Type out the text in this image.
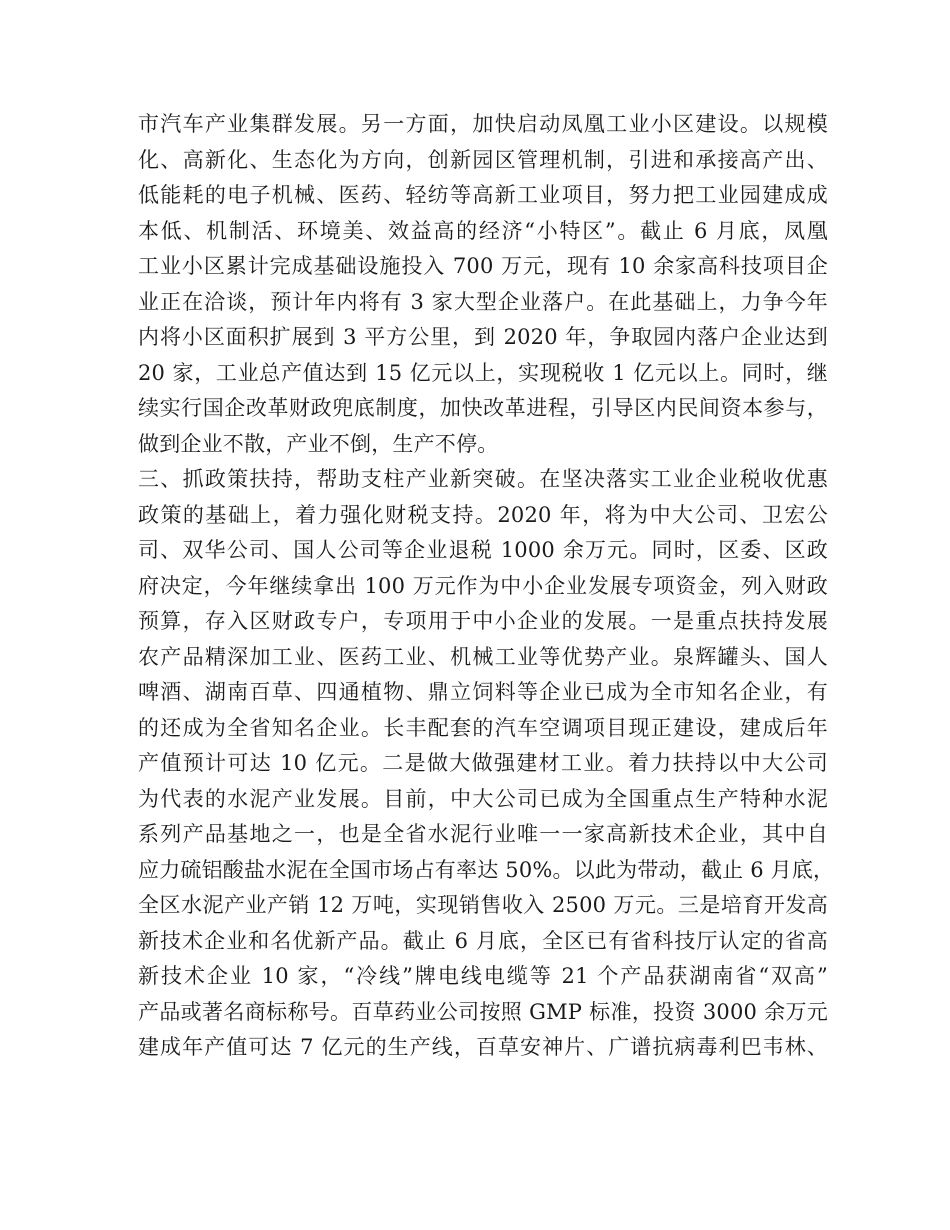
市汽车产业集群发展。另一方面，加快启动凤凰工业小区建设。以规模
化、高新化、生态化为方向，创新园区管理机制，引进和承接高产出、
低能耗的电子机械、医药、轻纺等高新工业项目，努力把工业园建成成
本低、机制活、环境美、效益高的经济“小特区”。截止 6 月底，凤凰
工业小区累计完成基础设施投入 700 万元，现有 10 余家高科技项目企
业正在洽谈，预计年内将有 3 家大型企业落户。在此基础上，力争今年
内将小区面积扩展到 3 平方公里，到 2020 年，争取园内落户企业达到
20 家，工业总产值达到 15 亿元以上，实现税收 1 亿元以上。同时，继
续实行国企改革财政兜底制度，加快改革进程，引导区内民间资本参与，
做到企业不散，产业不倒，生产不停。
三、抓政策扶持，帮助支柱产业新突破。在坚决落实工业企业税收优惠
政策的基础上，着力强化财税支持。2020 年，将为中大公司、卫宏公
司、双华公司、国人公司等企业退税 1000 余万元。同时，区委、区政
府决定，今年继续拿出 100 万元作为中小企业发展专项资金，列入财政
预算，存入区财政专户，专项用于中小企业的发展。一是重点扶持发展
农产品精深加工业、医药工业、机械工业等优势产业。泉辉罐头、国人
啤酒、湖南百草、四通植物、鼎立饲料等企业已成为全市知名企业，有
的还成为全省知名企业。长丰配套的汽车空调项目现正建设，建成后年
产值预计可达 10 亿元。二是做大做强建材工业。着力扶持以中大公司
为代表的水泥产业发展。目前，中大公司已成为全国重点生产特种水泥
系列产品基地之一，也是全省水泥行业唯一一家高新技术企业，其中自
应力硫铝酸盐水泥在全国市场占有率达 50%。以此为带动，截止 6 月底，
全区水泥产业产销 12 万吨，实现销售收入 2500 万元。三是培育开发高
新技术企业和名优新产品。截止 6 月底，全区已有省科技厅认定的省高
新技术企业 10 家，“冷线”牌电线电缆等 21 个产品获湖南省“双高”
产品或著名商标称号。百草药业公司按照 GMP 标准，投资 3000 余万元
建成年产值可达 7 亿元的生产线，百草安神片、广谱抗病毒利巴韦林、
